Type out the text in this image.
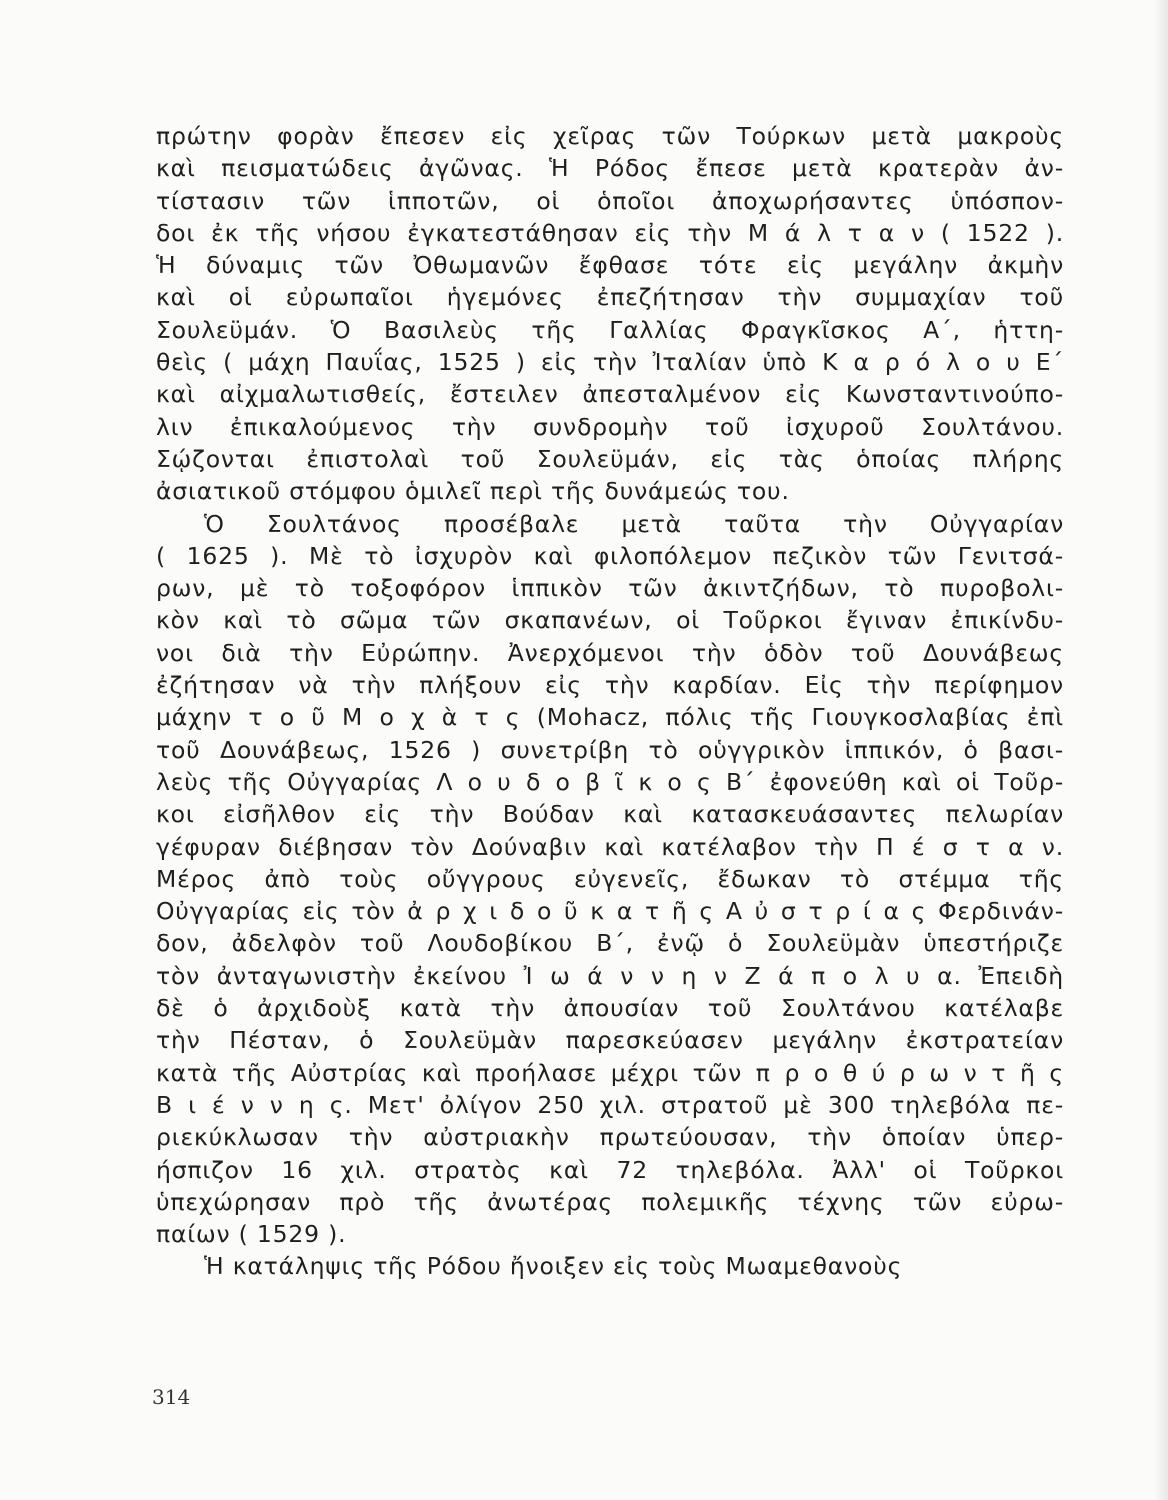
πρώτην φορὰν ἔπεσεν εἰς χεῖρας τῶν Τούρκων μετὰ μακροὺς
καὶ πεισματώδεις ἀγῶνας. Ἡ Ρόδος ἔπεσε μετὰ κρατερὰν ἀν-
τίστασιν τῶν ἱπποτῶν, οἱ ὁποῖοι ἀποχωρήσαντες ὑπόσπον-
δοι ἐκ τῆς νήσου ἐγκατεστάθησαν εἰς τὴν Μ ά λ τ α ν ( 1522 ).
Ἡ δύναμις τῶν Ὀθωμανῶν ἔφθασε τότε εἰς μεγάλην ἀκμὴν
καὶ οἱ εὐρωπαῖοι ἡγεμόνες ἐπεζήτησαν τὴν συμμαχίαν τοῦ
Σουλεϋμάν. Ὁ Βασιλεὺς τῆς Γαλλίας Φραγκῖσκος Α΄, ἡττη-
θεὶς ( μάχη Παυΐας, 1525 ) εἰς τὴν Ἰταλίαν ὑπὸ Κ α ρ ό λ ο υ Ε΄
καὶ αἰχμαλωτισθείς, ἔστειλεν ἀπεσταλμένον εἰς Κωνσταντινούπο-
λιν ἐπικαλούμενος τὴν συνδρομὴν τοῦ ἰσχυροῦ Σουλτάνου.
Σῴζονται ἐπιστολαὶ τοῦ Σουλεϋμάν, εἰς τὰς ὁποίας πλήρης
ἀσιατικοῦ στόμφου ὁμιλεῖ περὶ τῆς δυνάμεώς του.
Ὁ Σουλτάνος προσέβαλε μετὰ ταῦτα τὴν Οὐγγαρίαν
( 1625 ). Μὲ τὸ ἰσχυρὸν καὶ φιλοπόλεμον πεζικὸν τῶν Γενιτσά-
ρων, μὲ τὸ τοξοφόρον ἱππικὸν τῶν ἀκιντζήδων, τὸ πυροβολι-
κὸν καὶ τὸ σῶμα τῶν σκαπανέων, οἱ Τοῦρκοι ἔγιναν ἐπικίνδυ-
νοι διὰ τὴν Εὐρώπην. Ἀνερχόμενοι τὴν ὁδὸν τοῦ Δουνάβεως
ἐζήτησαν νὰ τὴν πλήξουν εἰς τὴν καρδίαν. Εἰς τὴν περίφημον
μάχην τ ο ῦ Μ ο χ ὰ τ ς (Mohacz, πόλις τῆς Γιουγκοσλαβίας ἐπὶ
τοῦ Δουνάβεως, 1526 ) συνετρίβη τὸ οὑγγρικὸν ἱππικόν, ὁ βασι-
λεὺς τῆς Οὐγγαρίας Λ ο υ δ ο β ῖ κ ο ς Β΄ ἐφονεύθη καὶ οἱ Τοῦρ-
κοι εἰσῆλθον εἰς τὴν Βούδαν καὶ κατασκευάσαντες πελωρίαν
γέφυραν διέβησαν τὸν Δούναβιν καὶ κατέλαβον τὴν Π έ σ τ α ν.
Μέρος ἀπὸ τοὺς οὔγγρους εὐγενεῖς, ἔδωκαν τὸ στέμμα τῆς
Οὐγγαρίας εἰς τὸν ἀ ρ χ ι δ ο ῦ κ α τ ῆ ς Α ὐ σ τ ρ ί α ς Φερδινάν-
δον, ἀδελφὸν τοῦ Λουδοβίκου Β΄, ἐνῷ ὁ Σουλεϋμὰν ὑπεστήριζε
τὸν ἀνταγωνιστὴν ἐκείνου Ἰ ω ά ν ν η ν Ζ ά π ο λ υ α. Ἐπειδὴ
δὲ ὁ ἀρχιδοὺξ κατὰ τὴν ἀπουσίαν τοῦ Σουλτάνου κατέλαβε
τὴν Πέσταν, ὁ Σουλεϋμὰν παρεσκεύασεν μεγάλην ἐκστρατείαν
κατὰ τῆς Αὐστρίας καὶ προήλασε μέχρι τῶν π ρ ο θ ύ ρ ω ν τ ῆ ς
Β ι έ ν ν η ς. Μετ' ὀλίγον 250 χιλ. στρατοῦ μὲ 300 τηλεβόλα πε-
ριεκύκλωσαν τὴν αὐστριακὴν πρωτεύουσαν, τὴν ὁποίαν ὑπερ-
ήσπιζον 16 χιλ. στρατὸς καὶ 72 τηλεβόλα. Ἀλλ' οἱ Τοῦρκοι
ὑπεχώρησαν πρὸ τῆς ἀνωτέρας πολεμικῆς τέχνης τῶν εὐρω-
παίων ( 1529 ).
Ἡ κατάληψις τῆς Ρόδου ἤνοιξεν εἰς τοὺς Μωαμεθανοὺς
314
